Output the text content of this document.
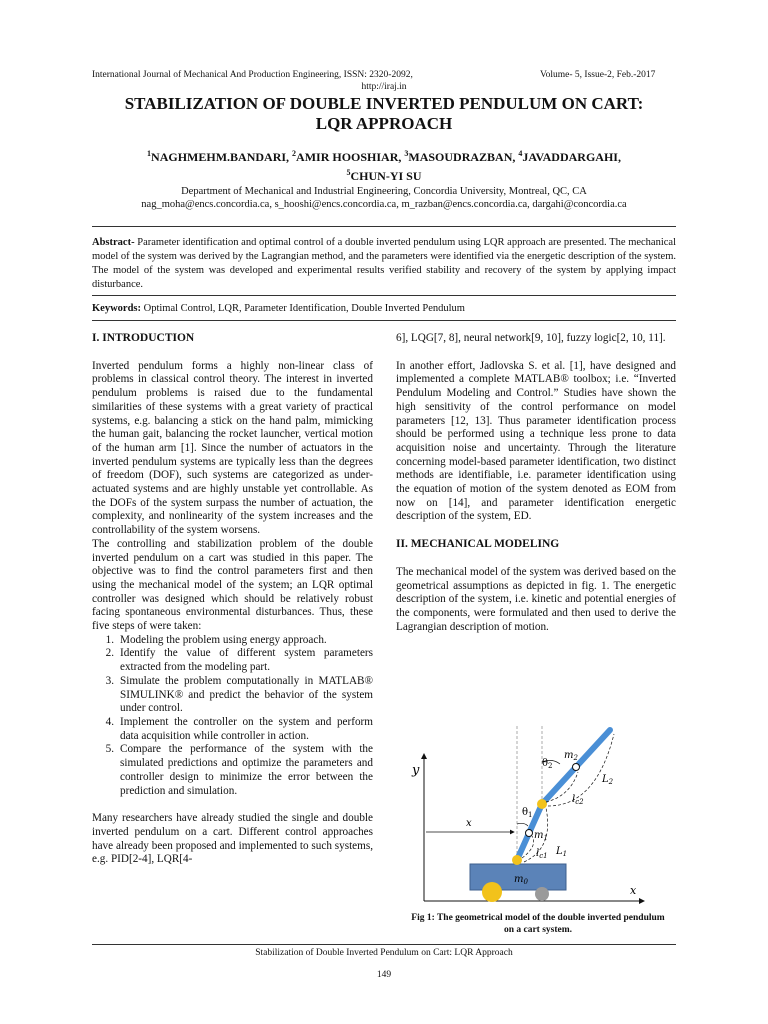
International Journal of Mechanical And Production Engineering, ISSN: 2320-2092,	Volume- 5, Issue-2, Feb.-2017
http://iraj.in
STABILIZATION OF DOUBLE INVERTED PENDULUM ON CART:
LQR APPROACH
$^1$NAGHMEHM.BANDARI, $^2$AMIR HOOSHIAR, $^3$MASOUDRAZBAN, $^4$JAVADDARGAHI,
$^5$CHUN-YI SU
Department of Mechanical and Industrial Engineering, Concordia University, Montreal, QC, CA
nag_moha@encs.concordia.ca, s_hooshi@encs.concordia.ca, m_razban@encs.concordia.ca, dargahi@concordia.ca
Abstract- Parameter identification and optimal control of a double inverted pendulum using LQR approach are presented. The mechanical model of the system was derived by the Lagrangian method, and the parameters were identified via the energetic description of the system. The model of the system was developed and experimental results verified stability and recovery of the system by applying impact disturbance.
Keywords: Optimal Control, LQR, Parameter Identification, Double Inverted Pendulum
I. INTRODUCTION

Inverted pendulum forms a highly non-linear class of problems in classical control theory. The interest in inverted pendulum problems is raised due to the fundamental similarities of these systems with a great variety of practical systems, e.g. balancing a stick on the hand palm, mimicking the human gait, balancing the rocket launcher, vertical motion of the human arm [1]. Since the number of actuators in the inverted pendulum systems are typically less than the degrees of freedom (DOF), such systems are categorized as under-actuated systems and are highly unstable yet controllable. As the DOFs of the system surpass the number of actuation, the complexity, and nonlinearity of the system increases and the controllability of the system worsens.

The controlling and stabilization problem of the double inverted pendulum on a cart was studied in this paper. The objective was to find the control parameters first and then using the mechanical model of the system; an LQR optimal controller was designed which should be relatively robust facing spontaneous environmental disturbances. Thus, these five steps of were taken:

1. Modeling the problem using energy approach.
2. Identify the value of different system parameters extracted from the modeling part.
3. Simulate the problem computationally in MATLAB® SIMULINK® and predict the behavior of the system under control.
4. Implement the controller on the system and perform data acquisition while controller in action.
5. Compare the performance of the system with the simulated predictions and optimize the parameters and controller design to minimize the error between the prediction and simulation.

Many researchers have already studied the single and double inverted pendulum on a cart. Different control approaches have already been proposed and implemented to such systems, e.g. PID[2-4], LQR[4-

6], LQG[7, 8], neural network[9, 10], fuzzy logic[2, 10, 11].

In another effort, Jadlovska S. et al. [1], have designed and implemented a complete MATLAB® toolbox; i.e. “Inverted Pendulum Modeling and Control.” Studies have shown the high sensitivity of the control performance on model parameters [12, 13]. Thus parameter identification process should be performed using a technique less prone to data acquisition noise and uncertainty. Through the literature concerning model-based parameter identification, two distinct methods are identifiable, i.e. parameter identification using the equation of motion of the system denoted as EOM from now on [14], and parameter identification energetic description of the system, ED.

II. MECHANICAL MODELING

The mechanical model of the system was derived based on the geometrical assumptions as depicted in fig. 1. The energetic description of the system, i.e. kinetic and potential energies of the components, were formulated and then used to derive the Lagrangian description of motion.

y
x
x
$m_0$
$m_1$
$m_2$
$\theta_1$
$\theta_2$
$L_1$
$l_{c1}$
$L_2$
$l_{c2}$
Fig 1: The geometrical model of the double inverted pendulum
on a cart system.
Stabilization of Double Inverted Pendulum on Cart: LQR Approach
149
